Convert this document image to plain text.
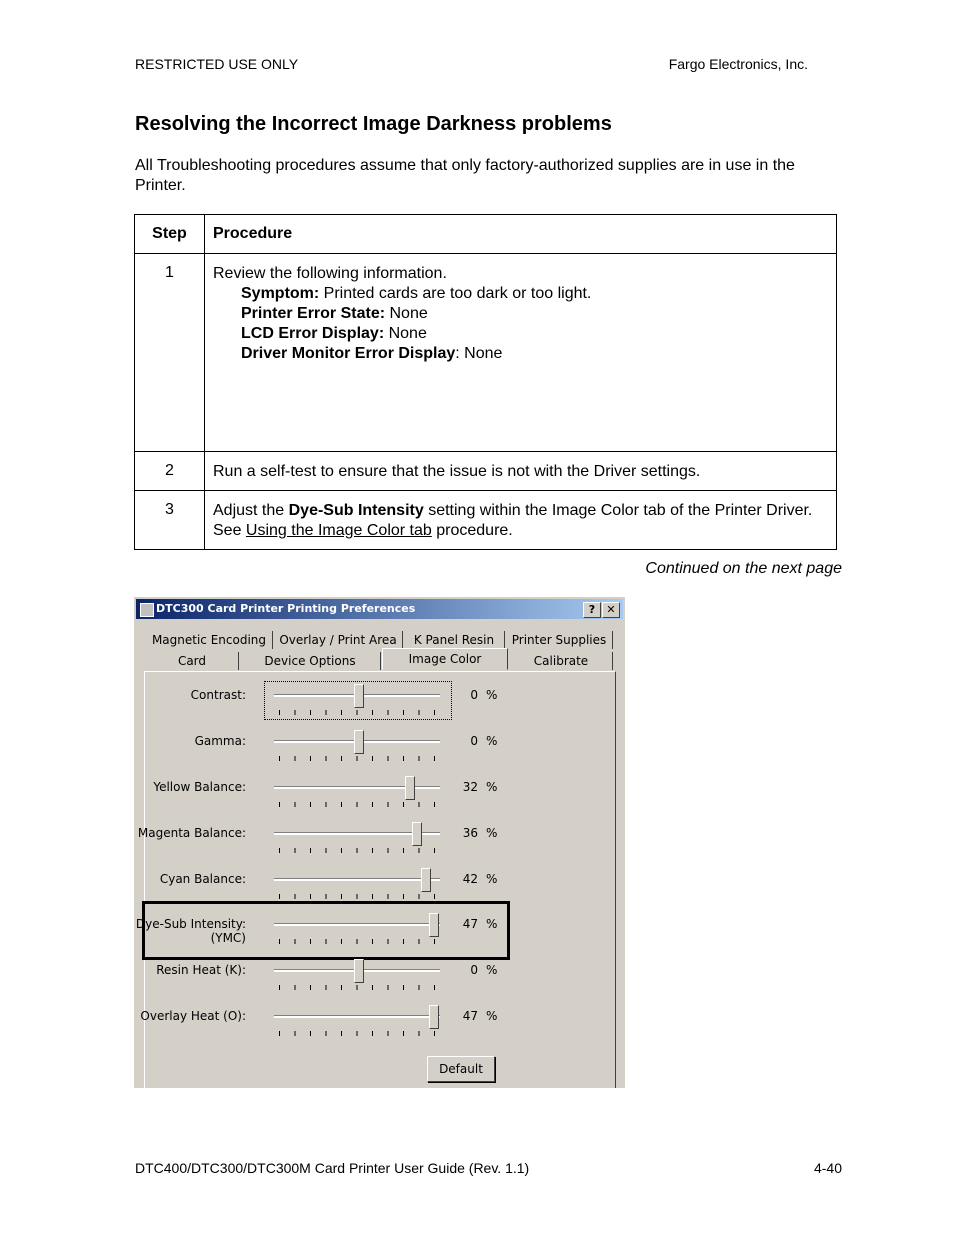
RESTRICTED USE ONLY	Fargo Electronics, Inc.
Resolving the Incorrect Image Darkness problems
All Troubleshooting procedures assume that only factory-authorized supplies are in use in the Printer.
Step	Procedure
1	Review the following information.

Symptom: Printed cards are too dark or too light.

Printer Error State: None

LCD Error Display: None

Driver Monitor Error Display: None

2	Run a self-test to ensure that the issue is not with the Driver settings.
3	Adjust the Dye-Sub Intensity setting within the Image Color tab of the Printer Driver. See Using the Image Color tab procedure.
Continued on the next page
DTC300 Card Printer Printing Preferences	?	✕
Magnetic Encoding	Overlay / Print Area	K Panel Resin	Printer Supplies
Card	Device Options	Image Color	Calibrate
Contrast:	0 %
Gamma:	0 %
Yellow Balance:	32 %
Magenta Balance:	36 %
Cyan Balance:	42 %
Dye-Sub Intensity:
(YMC)
47 %
Resin Heat (K):	0 %
Overlay Heat (O):	47 %
Default
DTC400/DTC300/DTC300M Card Printer User Guide (Rev. 1.1)	4-40
